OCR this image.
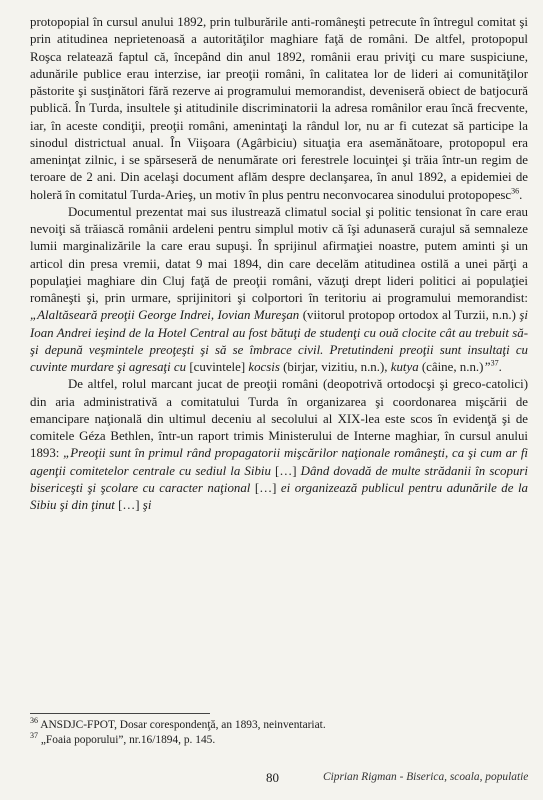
protopopial în cursul anului 1892, prin tulburările anti-româneşti petrecute în întregul comitat şi prin atitudinea neprietenoasă a autorităţilor maghiare faţă de români. De altfel, protopopul Roşca relatează faptul că, începând din anul 1892, românii erau priviţi cu mare suspiciune, adunările publice erau interzise, iar preoţii români, în calitatea lor de lideri ai comunităţilor păstorite şi susţinători fără rezerve ai programului memorandist, deveniseră obiect de batjocură publică. În Turda, insultele şi atitudinile discriminatorii la adresa românilor erau încă frecvente, iar, în aceste condiţii, preoţii români, amenintaţi la rândul lor, nu ar fi cutezat să participe la sinodul districtual anual. În Viişoara (Agârbiciu) situaţia era asemănătoare, protopopul era ameninţat zilnic, i se spărseseră de nenumărate ori ferestrele locuinţei şi trăia într-un regim de teroare de 2 ani. Din acelaşi document aflăm despre declanşarea, în anul 1892, a epidemiei de holeră în comitatul Turda-Arieş, un motiv în plus pentru neconvocarea sinodului protopopesc$^{36}$.

Documentul prezentat mai sus ilustrează climatul social şi politic tensionat în care erau nevoiţi să trăiască românii ardeleni pentru simplul motiv că îşi adunaseră curajul să semnaleze lumii marginalizările la care erau supuşi. În sprijinul afirmaţiei noastre, putem aminti şi un articol din presa vremii, datat 9 mai 1894, din care decelăm atitudinea ostilă a unei părţi a populaţiei maghiare din Cluj faţă de preoţii români, văzuţi drept lideri politici ai populaţiei româneşti şi, prin urmare, sprijinitori şi colportori în teritoriu ai programului memorandist: „Alaltăseară preoţii George Indrei, Iovian Mureşan (viitorul protopop ortodox al Turzii, n.n.) şi Ioan Andrei ieşind de la Hotel Central au fost bătuţi de studenţi cu ouă clocite cât au trebuit să-şi depună veşmintele preoţeşti şi să se îmbrace civil. Pretutindeni preoţii sunt insultaţi cu cuvinte murdare şi agresaţi cu [cuvintele] kocsis (birjar, vizitiu, n.n.), kutya (câine, n.n.)”$^{37}$.

De altfel, rolul marcant jucat de preoţii români (deopotrivă ortodocşi şi greco-catolici) din aria administrativă a comitatului Turda în organizarea şi coordonarea mişcării de emancipare naţională din ultimul deceniu al secolului al XIX-lea este scos în evidenţă şi de comitele Géza Bethlen, într-un raport trimis Ministerului de Interne maghiar, în cursul anului 1893: „Preoţii sunt în primul rând propagatorii mişcărilor naţionale româneşti, ca şi cum ar fi agenţii comitetelor centrale cu sediul la Sibiu […] Dând dovadă de multe strădanii în scopuri bisericeşti şi şcolare cu caracter naţional […] ei organizează publicul pentru adunările de la Sibiu şi din ţinut […] şi

$^{36}$ ANSDJC-FPOT, Dosar corespondenţă, an 1893, neinventariat.
$^{37}$ „Foaia poporului”, nr.16/1894, p. 145.
80	Ciprian Rigman - Biserica, scoala, populatie
